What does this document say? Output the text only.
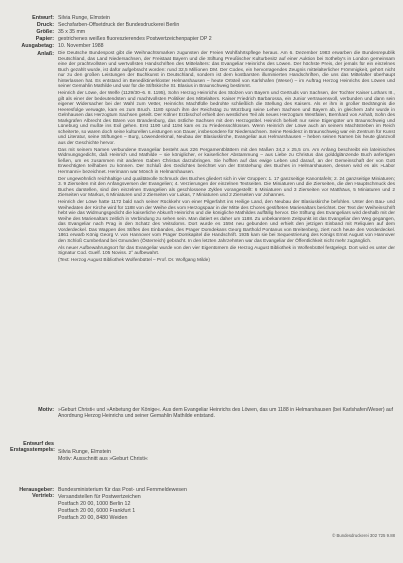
Entwurf: Silvia Runge, Elmstein
Druck: Sechsfarben-Offsetdruck der Bundesdruckerei Berlin
Größe: 35 x 35 mm
Papier: gestrichenes weißes fluoreszierendes Postwertzeichenpapier DP 2
Ausgabetag: 10. November 1988
Anlaß: Die Deutsche Bundespost gibt die Weihnachtsmarken zugunsten der Freien Wohlfahrtspflege heraus. Am 6. Dezember 1983 erwarben die Bundesrepublik Deutschland, das Land Niedersachsen, der Freistaat Bayern und die Stiftung Preußischer Kulturbesitz auf einer Auktion bei Sotheby's in London gemeinsam eine der prachtvollsten und wertvollsten Handschriften des Mittelalters: das Evangeliar Heinrichs des Löwen. Der höchste Preis, der jemals für ein einzelnes Buch gezahlt wurde, ist dafür aufgebracht worden: rund 32,5 Millionen DM. Der Codex, ein hervorragendes Zeugnis mittelalterlicher Frömmigkeit, gehört nicht nur zu den großen Leistungen der Buchkunst in Deutschland, sondern ist dem kostbarsten illuminierten Handschriften, die uns das Mittelalter überhaupt hinterlassen hat. Es entstand im Benediktinerkloster Helmarshausen – heute Ortsteil von Karlshafen (Weser) – im Auftrag Herzog Heinrichs des Löwen und seiner Gemahlin Mathilde und war für die Stiftskirche St. Blasius in Braunschweig bestimmt.

Heinrich der Löwe, der Welfe (1129/30–6. 8. 1195), Sohn Herzog Heinrichs des Stolzen von Bayern und Gertruds von Sachsen, der Tochter Kaiser Lothars III., gilt als einer der bedeutendsten und machtvollsten Politiker des Mittelalters. Kaiser Friedrich Barbarossa, ein Junior vertrauensvoll, verbunden und dann sein eigener Widersacher bei der Wahl zum Vetter, Heinrichs Machtfülle bedrohte schließlich die Stellung des Kaisers. Als er ihm in großer Bedrängnis die Heeresfolge verwagte, kam es zum Bruch. 1180 sprach ihm der Reichstag zu Würzburg seine Lehen Sachsen und Bayern ab, in gleichem Jahr wurde in Gelnhausen das Herzogtum Sachsen geteilt. Der Kölner Erzbischof erhielt den westlichen Teil als neues Herzogtum Westfalen, Bernhard von Anhalt, Sohn des Markgrafen Albrecht des Bären von Brandenburg, das östliche Sachsen mit dem Herzogstitel. Heinrich behielt nur seine Eigengüter um Braunschweig und Lüneburg und mußte ins Exil gehen. Erst 1190 und 1194 kam es zu Friedensschlüssen. Wenn Heinrich der Löwe auch an seinem Machtstreben im Reich scheiterte, so waren doch seine kulturellen Leistungen von Dauer, insbesondere für Niedersachsen. Seine Residenz in Braunschweig war ein Zentrum für Kunst und Literatur, seine Stiftungen – Burg, Löwendenkmal, Neubau der Blasiuskirche, Evangeliar aus Helmarshausen – heben seinen Namen bis heute glanzvoll aus der Geschichte hervor.

Das mit seinem Namen verbundene Evangeliar besteht aus 226 Pergamentblättern mit den Maßen 34,2 x 25,5 cm. Am Anfang beschreibt ein lateinisches Widmungsgedicht, daß Heinrich und Mathilde – sie königlicher, er kaiserlicher Abstammung – aus Liebe zu Christus das golddglänzende Buch anfertigen ließen, um es zusammen mit anderen Gaben Christus darzubringen. Sie hofften auf das ewige Leben und darauf, an der Gemeinschaft der von Gott Erwechtigten teilhaben zu können. Der Schluß des Gedichtes berichtet von der Entstehung des Buches in Helmarshausen, dessen wird es als »Labor Hermanni« bezeichnet. Herimann war Mönch in Helmarshausen.

Der ungewöhnlich reichhaltige und qualitätvolle Schmuck des Buches gliedert sich in vier Gruppen: 1. 17 ganzseitige Kanontafeln; 2. 24 ganzseitige Miniaturen; 3. 9 Zierseiten mit den Anfangsversen der Evangelien; 4. Verzierungen der einzelnen Textseiten. Die Miniaturen und die Zierseiten, die den Hauptschmuck des Buches darstellen, sind den einzelnen Evangelien als geschlossene Zyklen vorangestellt: 6 Miniaturen und 3 Zierseiten vor Matthäus, 5 Miniaturen und 2 Zierseiten vor Markus, 6 Miniaturen und 2 Zierseiten vor Lukas, 7 Miniaturen und 2 Zierseiten vor Johannes.

Heinrich der Löwe hatte 1172 bald nach seiner Rückkehr von einer Pilgerfahrt ins Heilige Land, den Neubau der Blasiuskirche befohlen. Unter den Bau- und Weihedaten der Kirche wird für 1188 von der Weihe des vom Herzogspaar in der Mitte des Chores gestifteten Marienaltars berichtet. Der Text der Weiheinschrift hebt wie das Widmungsgedicht die kaiserliche Abkunft Heinrichs und die königliche Mathildes auffällig hervor. Die Stiftung des Evangeliars wird deshalb mit der Weihe des Marienaltars zeitlich in Verbindung zu sehen sein. Man datiert es daher um 1188. Zu unbekanntem Zeitpunkt ist das Evangeliar den Weg gegangen, das Evangeliar nach Prag in den Schatz des Veitsdoms. Dort wurde es 1594 neu gebunden und erhielt den jetzigen Einband mit Reliquien auf dem Vorderdeckel. Das Wappen des Stiftes des Einbandes, des Prager Domdekans Georg Barthold Pontanus von Breitenberg, ziert noch heute den Vorderdeckel. 1861 erwarb König Georg V. von Hannover vom Prager Domkapitel die Handschrift. 1935 kam sie bei Sequestrierung des Königs Ernst August von Hannover den Schloß Cumberland bei Gmunden (Österreich) gebracht. In den letzten Jahrzehnten war das Evangeliar der Öffentlichkeit nicht mehr zugänglich.

Als neuer Aufbewahrungsort für das Evangeliar wurde von den vier Eigentümern die Herzog August Bibliothek in Wolfenbüttel festgelegt. Dort wird es unter der Signatur Cod. Guelf. 105 Noviss. 2° aufbewahrt.

(Text: Herzog August Bibliothek Wolfenbüttel – Prof. Dr. Wolfgang Milde)

Motiv: »Geburt Christi« und »Anbetung der Könige«. Aus dem Evangeliar Heinrichs des Löwen, das um 1188 in Helmarshausen (bei Karlshafen/Weser) auf Anordnung Herzog Heinrichs und seiner Gemahlin Mathilde entstand.
Entwurf des Erstagsstempels: Silvia Runge, Elmstein
Motiv: Ausschnitt aus »Geburt Christi«
Herausgeber: Vertrieb:
Bundesministerium für das Post- und Fernmeldewesen
Versandstellen für Postwertzeichen
Postfach 20 00, 1000 Berlin 12
Postfach 20 00, 6000 Frankfurt 1
Postfach 20 00, 8480 Weiden
© Bundesdruckerei 302 725 9.88
